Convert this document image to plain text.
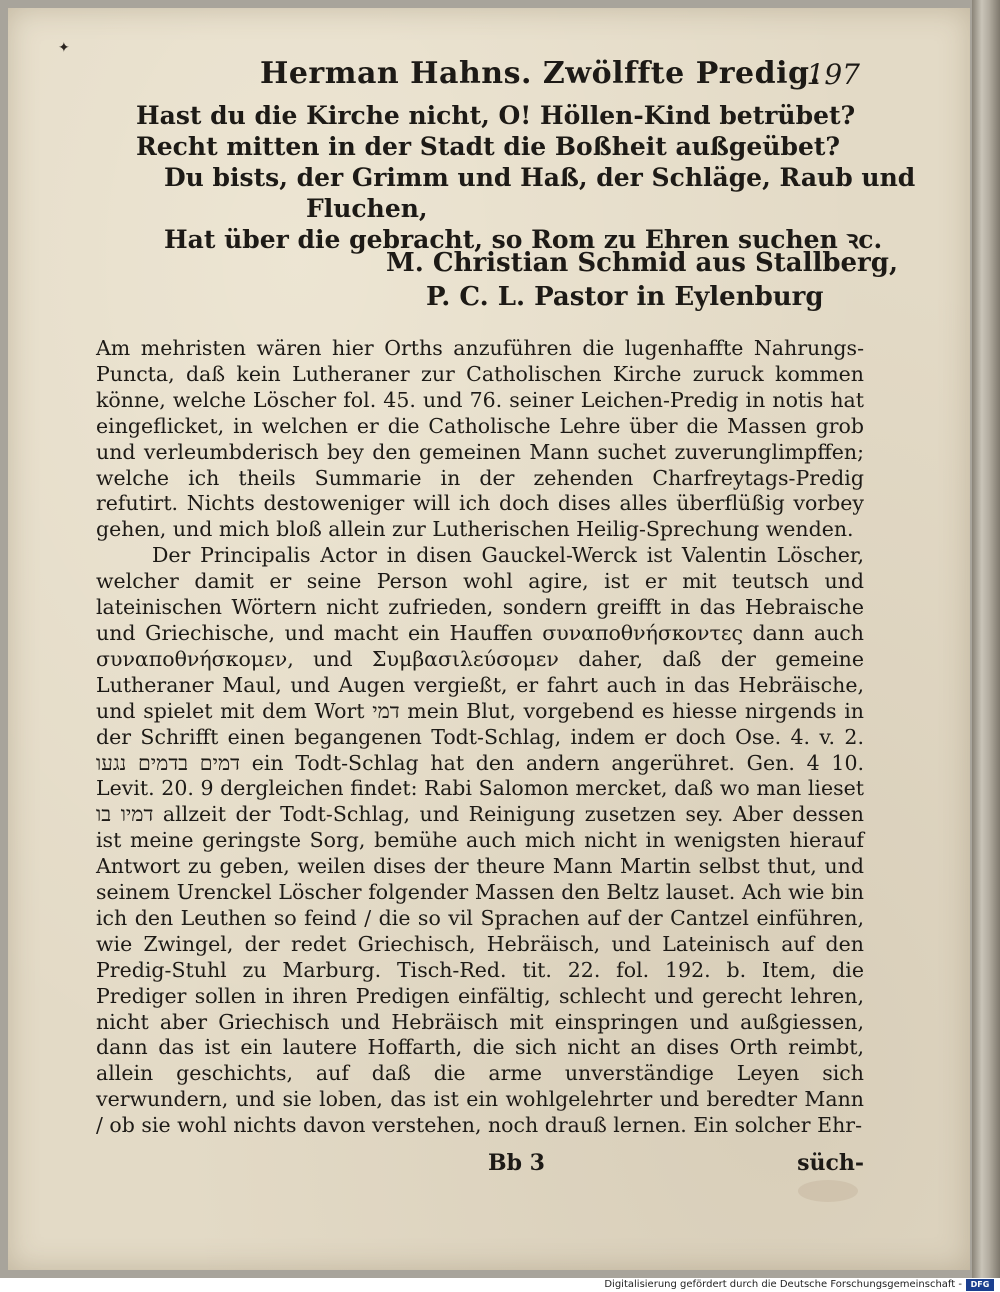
✦
Herman Hahns. Zwölffte Predig.
197
Hast du die Kirche nicht, O! Höllen-Kind betrübet?
Recht mitten in der Stadt die Boßheit außgeübet?
Du bists, der Grimm und Haß, der Schläge, Raub und
Fluchen,
Hat über die gebracht, so Rom zu Ehren suchen ꝛc.
M. Christian Schmid aus Stallberg,
P. C. L. Pastor in Eylenburg

Am mehristen wären hier Orths anzuführen die lugenhaffte Nahrungs-Puncta, daß kein Lutheraner zur Catholischen Kirche zuruck kommen könne, welche Löscher fol. 45. und 76. seiner Leichen-Predig in notis hat eingeflicket, in welchen er die Catholische Lehre über die Massen grob und verleumbderisch bey den gemeinen Mann suchet zuverunglimpffen; welche ich theils Summarie in der zehenden Charfreytags-Predig refutirt. Nichts destoweniger will ich doch dises alles überflüßig vorbey gehen, und mich bloß allein zur Lutherischen Heilig-Sprechung wenden.

Der Principalis Actor in disen Gauckel-Werck ist Valentin Löscher, welcher damit er seine Person wohl agire, ist er mit teutsch und lateinischen Wörtern nicht zufrieden, sondern greifft in das Hebraische und Griechische, und macht ein Hauffen συναποθνήσκοντες dann auch συναποθνήσκομεν, und Συμβασιλεύσομεν daher, daß der gemeine Lutheraner Maul, und Augen vergießt, er fahrt auch in das Hebräische, und spielet mit dem Wort דמי mein Blut, vorgebend es hiesse nirgends in der Schrifft einen begangenen Todt-Schlag, indem er doch Ose. 4. v. 2. דמים בדמים נגעו ein Todt-Schlag hat den andern angerühret. Gen. 4 10. Levit. 20. 9 dergleichen findet: Rabi Salomon mercket, daß wo man lieset דמיו בו allzeit der Todt-Schlag, und Reinigung zusetzen sey. Aber dessen ist meine geringste Sorg, bemühe auch mich nicht in wenigsten hierauf Antwort zu geben, weilen dises der theure Mann Martin selbst thut, und seinem Urenckel Löscher folgender Massen den Beltz lauset. Ach wie bin ich den Leuthen so feind / die so vil Sprachen auf der Cantzel einführen, wie Zwingel, der redet Griechisch, Hebräisch, und Lateinisch auf den Predig-Stuhl zu Marburg. Tisch-Red. tit. 22. fol. 192. b. Item, die Prediger sollen in ihren Predigen einfältig, schlecht und gerecht lehren, nicht aber Griechisch und Hebräisch mit einspringen und außgiessen, dann das ist ein lautere Hoffarth, die sich nicht an dises Orth reimbt, allein geschichts, auf daß die arme unverständige Leyen sich verwundern, und sie loben, das ist ein wohlgelehrter und beredter Mann / ob sie wohl nichts davon verstehen, noch drauß lernen. Ein solcher Ehr-

Bb 3	süch-
Digitalisierung gefördert durch die Deutsche Forschungsgemeinschaft -	DFG
